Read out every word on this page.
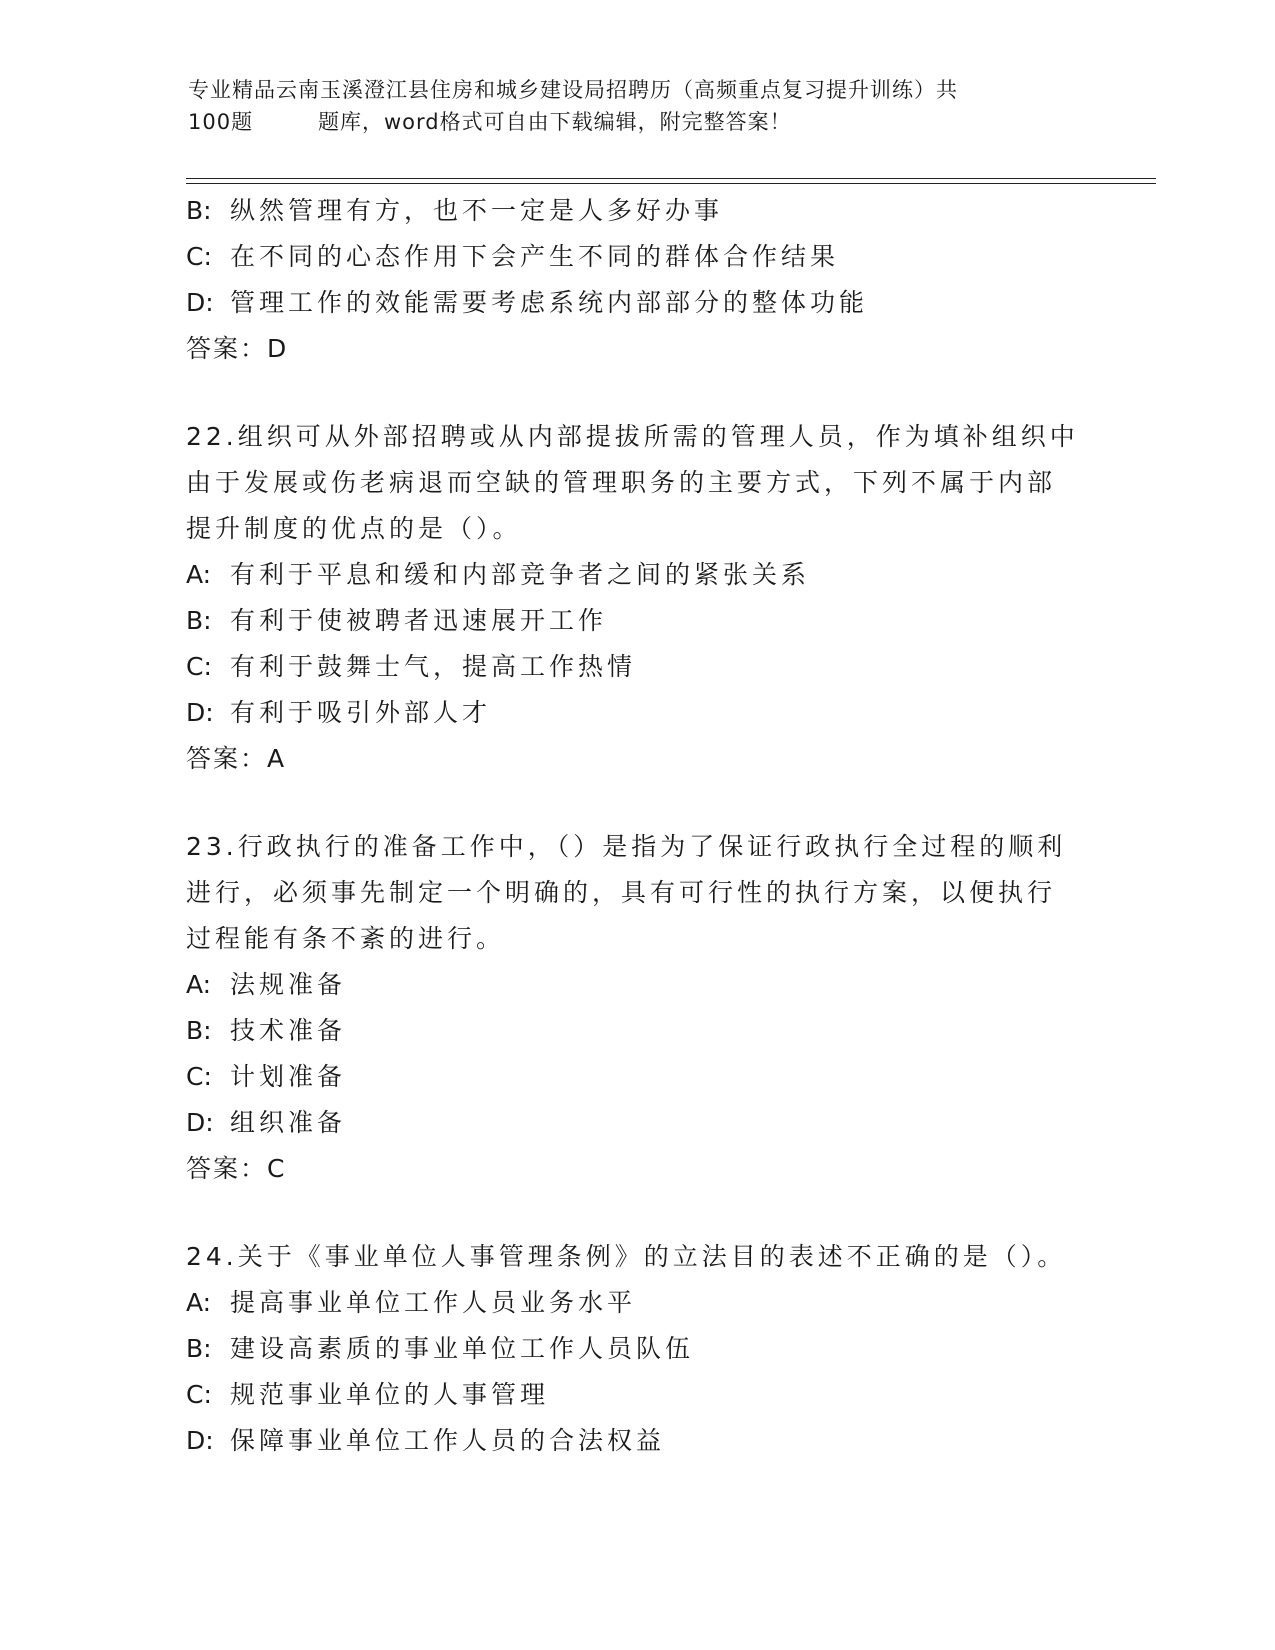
专业精品云南玉溪澄江县住房和城乡建设局招聘历（高频重点复习提升训练）共
100题	题库，word格式可自由下载编辑，附完整答案！
B: 纵然管理有方，也不一定是人多好办事
C: 在不同的心态作用下会产生不同的群体合作结果
D: 管理工作的效能需要考虑系统内部部分的整体功能
答案：D
22.组织可从外部招聘或从内部提拔所需的管理人员，作为填补组织中
由于发展或伤老病退而空缺的管理职务的主要方式，下列不属于内部
提升制度的优点的是（）。
A: 有利于平息和缓和内部竞争者之间的紧张关系
B: 有利于使被聘者迅速展开工作
C: 有利于鼓舞士气，提高工作热情
D: 有利于吸引外部人才
答案：A
23.行政执行的准备工作中，（）是指为了保证行政执行全过程的顺利
进行，必须事先制定一个明确的，具有可行性的执行方案，以便执行
过程能有条不紊的进行。
A: 法规准备
B: 技术准备
C: 计划准备
D: 组织准备
答案：C
24.关于《事业单位人事管理条例》的立法目的表述不正确的是（）。
A: 提高事业单位工作人员业务水平
B: 建设高素质的事业单位工作人员队伍
C: 规范事业单位的人事管理
D: 保障事业单位工作人员的合法权益
